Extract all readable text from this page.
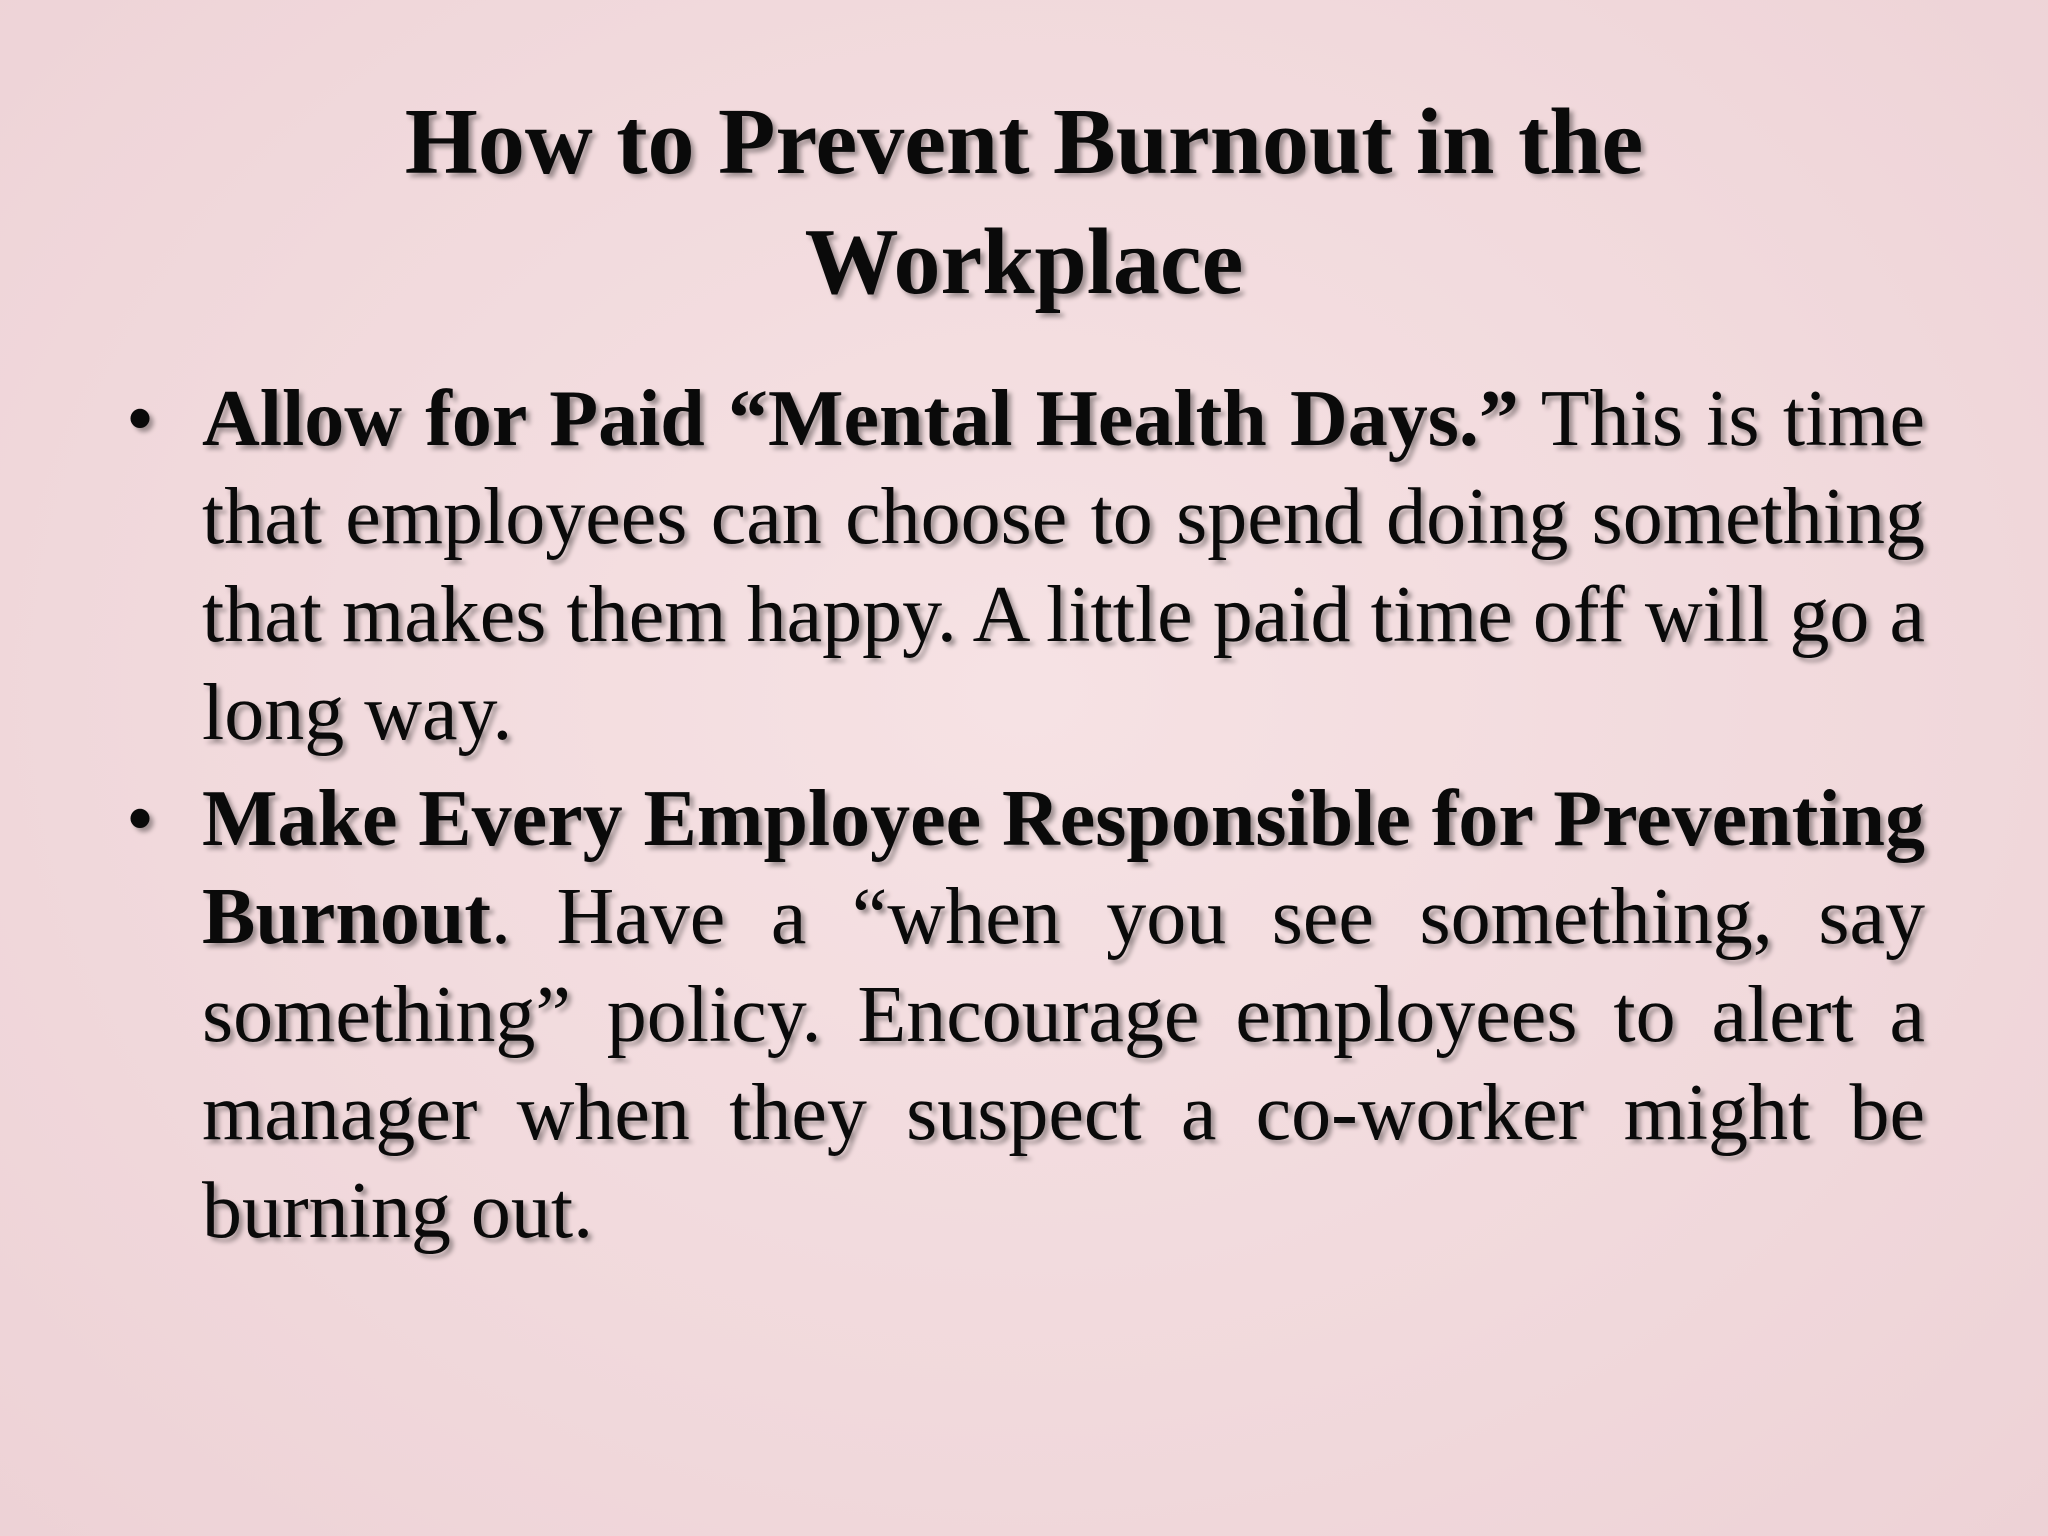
How to Prevent Burnout in the Workplace
• Allow for Paid “Mental Health Days.” This is time that employees can choose to spend doing something that makes them happy. A little paid time off will go a long way.
• Make Every Employee Responsible for Preventing Burnout. Have a “when you see something, say something” policy. Encourage employees to alert a manager when they suspect a co-worker might be burning out.
